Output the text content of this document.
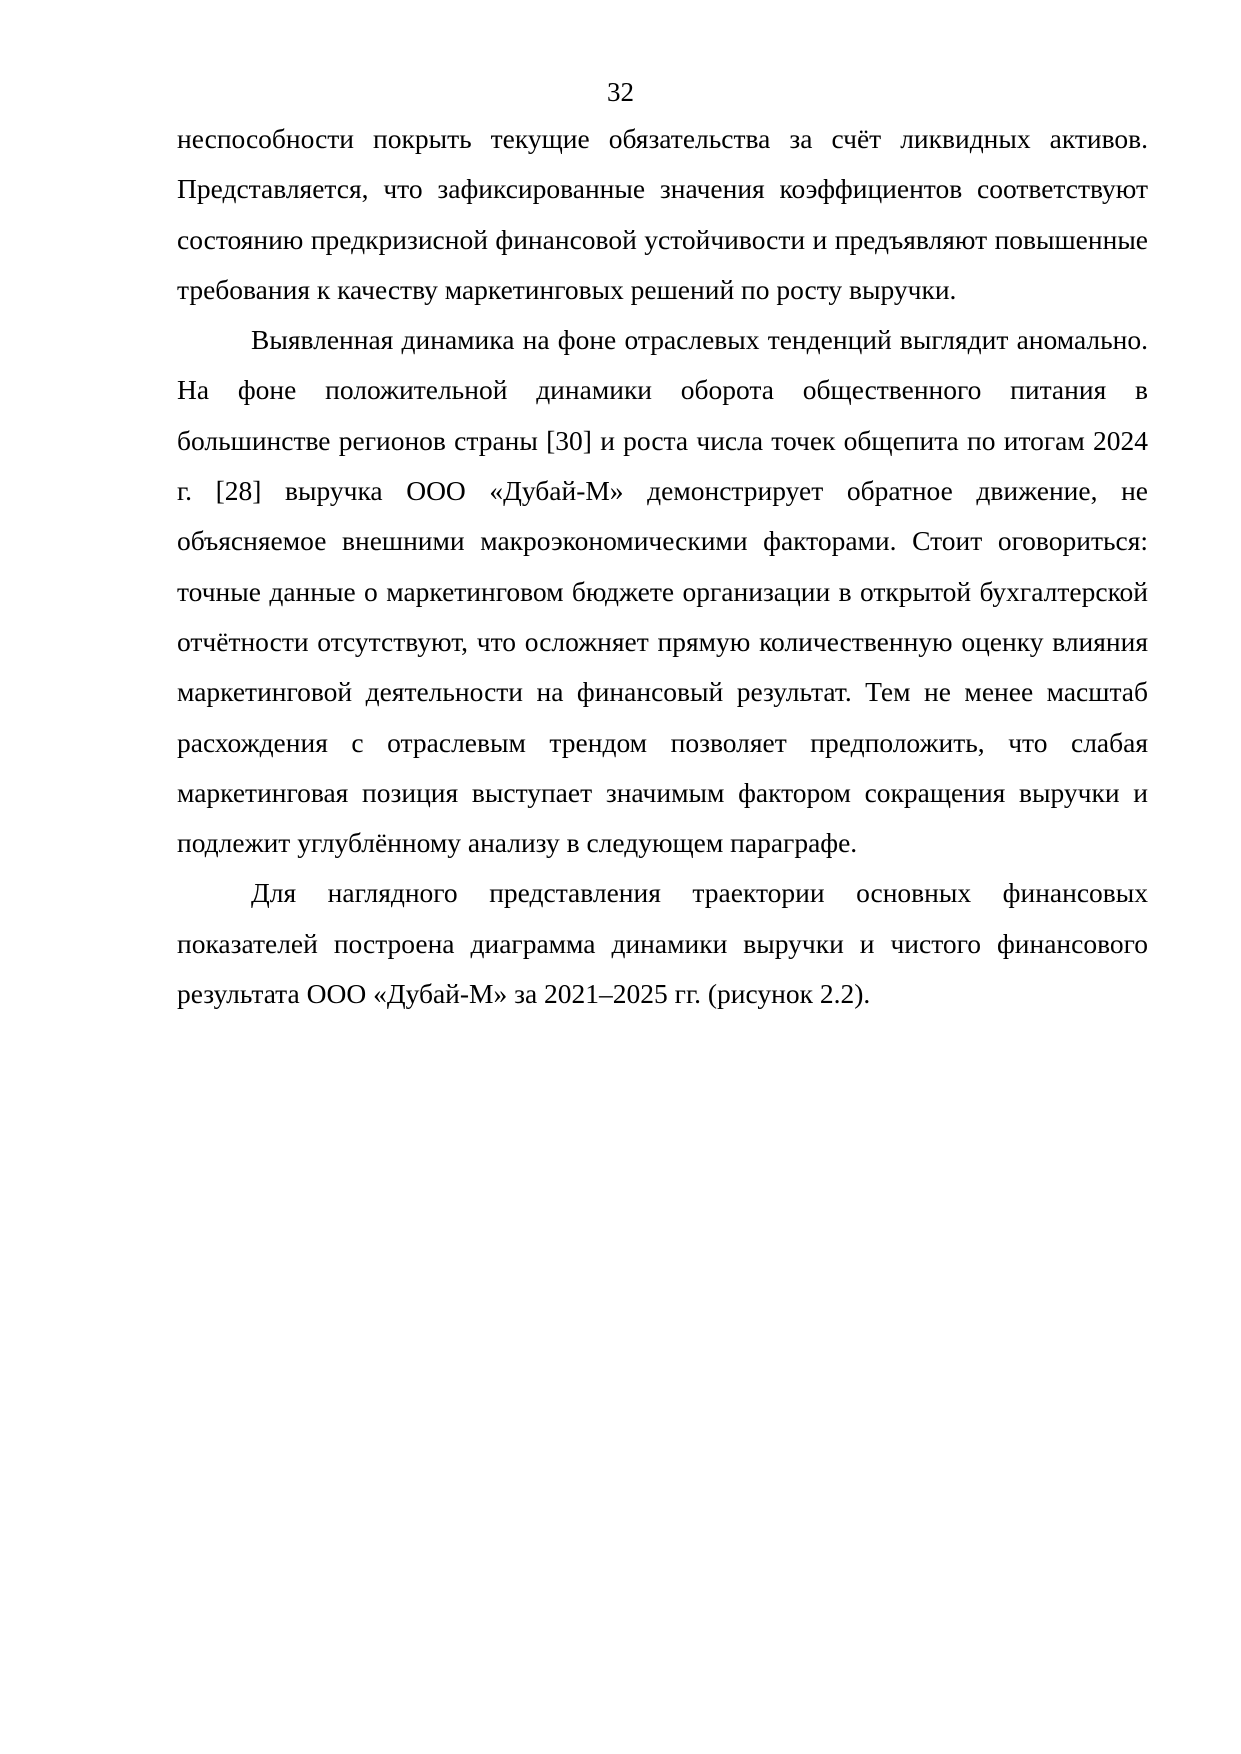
32

неспособности покрыть текущие обязательства за счёт ликвидных активов. Представляется, что зафиксированные значения коэффициентов соответствуют состоянию предкризисной финансовой устойчивости и предъявляют повышенные требования к качеству маркетинговых решений по росту выручки.

Выявленная динамика на фоне отраслевых тенденций выглядит аномально. На фоне положительной динамики оборота общественного питания в большинстве регионов страны [30] и роста числа точек общепита по итогам 2024 г. [28] выручка ООО «Дубай-М» демонстрирует обратное движение, не объясняемое внешними макроэкономическими факторами. Стоит оговориться: точные данные о маркетинговом бюджете организации в открытой бухгалтерской отчётности отсутствуют, что осложняет прямую количественную оценку влияния маркетинговой деятельности на финансовый результат. Тем не менее масштаб расхождения с отраслевым трендом позволяет предположить, что слабая маркетинговая позиция выступает значимым фактором сокращения выручки и подлежит углублённому анализу в следующем параграфе.

Для наглядного представления траектории основных финансовых показателей построена диаграмма динамики выручки и чистого финансового результата ООО «Дубай-М» за 2021–2025 гг. (рисунок 2.2).
